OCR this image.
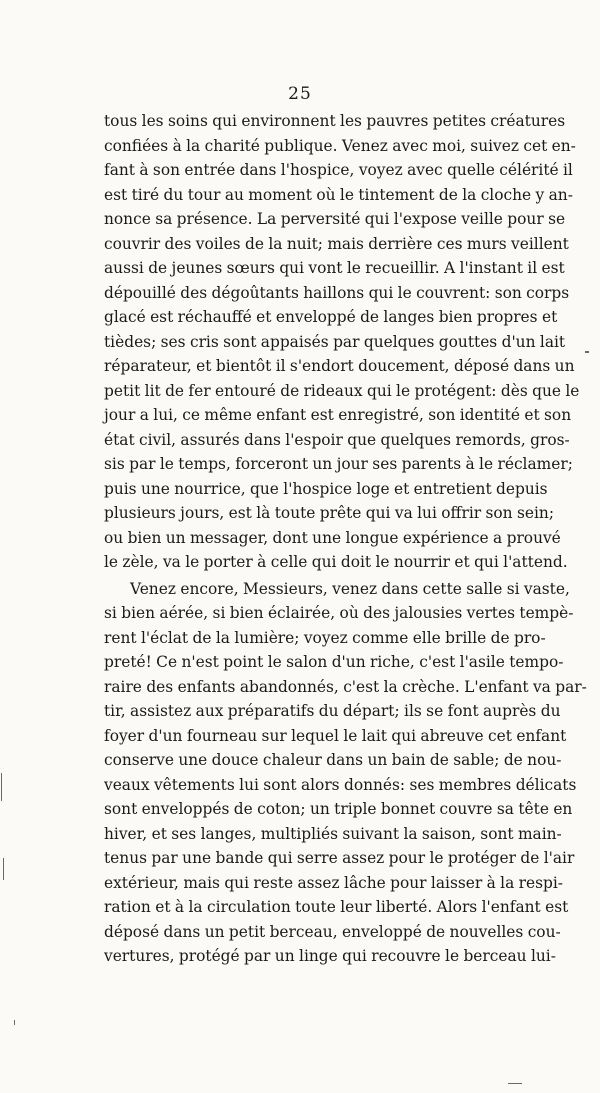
25
tous les soins qui environnent les pauvres petites créatures
confiées à la charité publique. Venez avec moi, suivez cet en-
fant à son entrée dans l'hospice, voyez avec quelle célérité il
est tiré du tour au moment où le tintement de la cloche y an-
nonce sa présence. La perversité qui l'expose veille pour se
couvrir des voiles de la nuit; mais derrière ces murs veillent
aussi de jeunes sœurs qui vont le recueillir. A l'instant il est
dépouillé des dégoûtants haillons qui le couvrent: son corps
glacé est réchauffé et enveloppé de langes bien propres et
tièdes; ses cris sont appaisés par quelques gouttes d'un lait
réparateur, et bientôt il s'endort doucement, déposé dans un
petit lit de fer entouré de rideaux qui le protégent: dès que le
jour a lui, ce même enfant est enregistré, son identité et son
état civil, assurés dans l'espoir que quelques remords, gros-
sis par le temps, forceront un jour ses parents à le réclamer;
puis une nourrice, que l'hospice loge et entretient depuis
plusieurs jours, est là toute prête qui va lui offrir son sein;
ou bien un messager, dont une longue expérience a prouvé
le zèle, va le porter à celle qui doit le nourrir et qui l'attend.
Venez encore, Messieurs, venez dans cette salle si vaste,
si bien aérée, si bien éclairée, où des jalousies vertes tempè-
rent l'éclat de la lumière; voyez comme elle brille de pro-
preté! Ce n'est point le salon d'un riche, c'est l'asile tempo-
raire des enfants abandonnés, c'est la crèche. L'enfant va par-
tir, assistez aux préparatifs du départ; ils se font auprès du
foyer d'un fourneau sur lequel le lait qui abreuve cet enfant
conserve une douce chaleur dans un bain de sable; de nou-
veaux vêtements lui sont alors donnés: ses membres délicats
sont enveloppés de coton; un triple bonnet couvre sa tête en
hiver, et ses langes, multipliés suivant la saison, sont main-
tenus par une bande qui serre assez pour le protéger de l'air
extérieur, mais qui reste assez lâche pour laisser à la respi-
ration et à la circulation toute leur liberté. Alors l'enfant est
déposé dans un petit berceau, enveloppé de nouvelles cou-
vertures, protégé par un linge qui recouvre le berceau lui-
